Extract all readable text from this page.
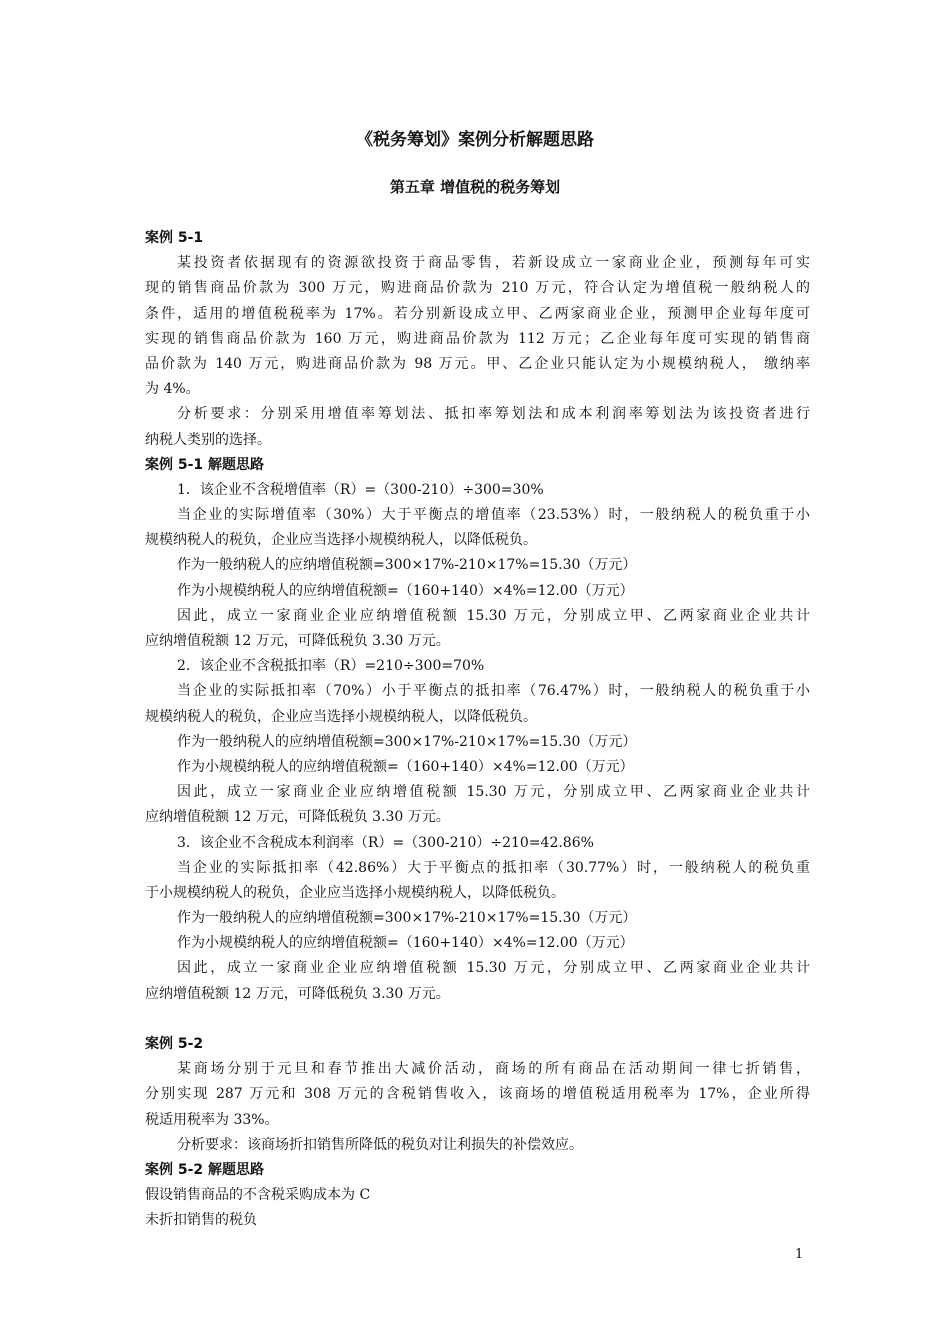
《税务筹划》案例分析解题思路
第五章 增值税的税务筹划
案例 5-1
某投资者依据现有的资源欲投资于商品零售，若新设成立一家商业企业，预测每年可实
现的销售商品价款为 300 万元，购进商品价款为 210 万元，符合认定为增值税一般纳税人的
条件，适用的增值税税率为 17%。若分别新设成立甲、乙两家商业企业，预测甲企业每年度可
实现的销售商品价款为 160 万元，购进商品价款为 112 万元；乙企业每年度可实现的销售商
品价款为 140 万元，购进商品价款为 98 万元。甲、乙企业只能认定为小规模纳税人， 缴纳率
为 4%。
分析要求：分别采用增值率筹划法、抵扣率筹划法和成本利润率筹划法为该投资者进行
纳税人类别的选择。
案例 5-1 解题思路
1．该企业不含税增值率（R）=（300-210）÷300=30%
当企业的实际增值率（30%）大于平衡点的增值率（23.53%）时，一般纳税人的税负重于小
规模纳税人的税负，企业应当选择小规模纳税人，以降低税负。
作为一般纳税人的应纳增值税额=300×17%-210×17%=15.30（万元）
作为小规模纳税人的应纳增值税额=（160+140）×4%=12.00（万元）
因此，成立一家商业企业应纳增值税额 15.30 万元，分别成立甲、乙两家商业企业共计
应纳增值税额 12 万元，可降低税负 3.30 万元。
2．该企业不含税抵扣率（R）=210÷300=70%
当企业的实际抵扣率（70%）小于平衡点的抵扣率（76.47%）时，一般纳税人的税负重于小
规模纳税人的税负，企业应当选择小规模纳税人，以降低税负。
作为一般纳税人的应纳增值税额=300×17%-210×17%=15.30（万元）
作为小规模纳税人的应纳增值税额=（160+140）×4%=12.00（万元）
因此，成立一家商业企业应纳增值税额 15.30 万元，分别成立甲、乙两家商业企业共计
应纳增值税额 12 万元，可降低税负 3.30 万元。
3．该企业不含税成本利润率（R）=（300-210）÷210=42.86%
当企业的实际抵扣率（42.86%）大于平衡点的抵扣率（30.77%）时，一般纳税人的税负重
于小规模纳税人的税负，企业应当选择小规模纳税人，以降低税负。
作为一般纳税人的应纳增值税额=300×17%-210×17%=15.30（万元）
作为小规模纳税人的应纳增值税额=（160+140）×4%=12.00（万元）
因此，成立一家商业企业应纳增值税额 15.30 万元，分别成立甲、乙两家商业企业共计
应纳增值税额 12 万元，可降低税负 3.30 万元。
案例 5-2
某商场分别于元旦和春节推出大减价活动，商场的所有商品在活动期间一律七折销售，
分别实现 287 万元和 308 万元的含税销售收入，该商场的增值税适用税率为 17%，企业所得
税适用税率为 33%。
分析要求：该商场折扣销售所降低的税负对让利损失的补偿效应。
案例 5-2 解题思路
假设销售商品的不含税采购成本为 C
未折扣销售的税负
1
